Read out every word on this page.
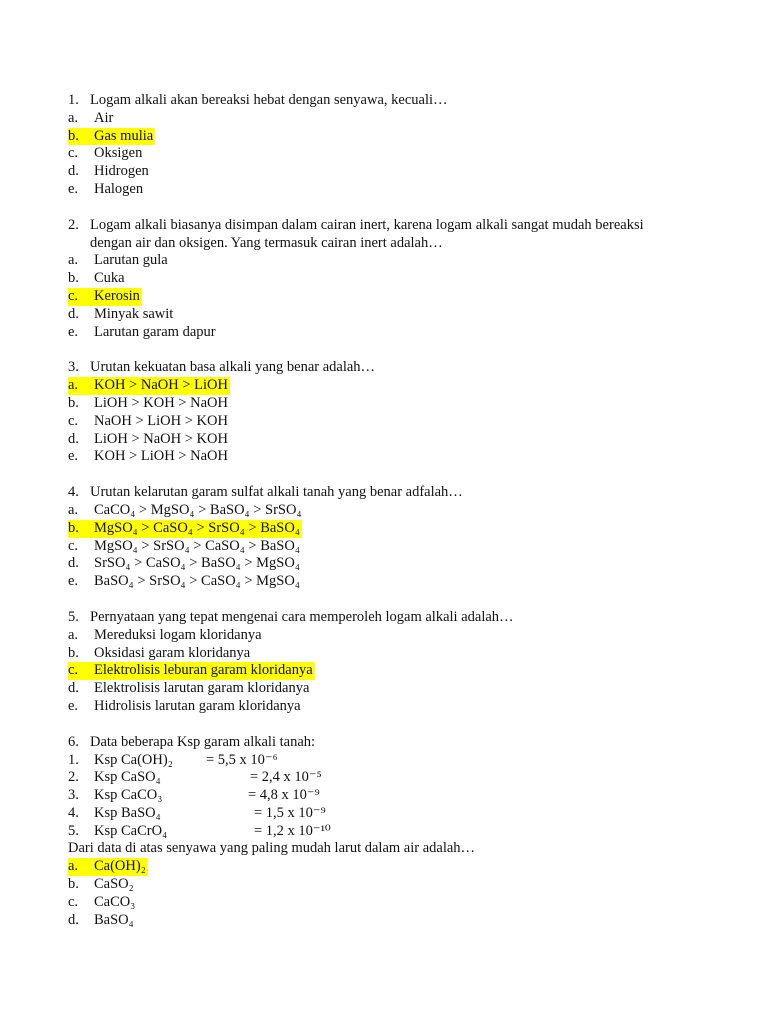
1. Logam alkali akan bereaksi hebat dengan senyawa, kecuali…
a.	Air
b.	Gas mulia
c.	Oksigen
d.	Hidrogen
e.	Halogen
2. Logam alkali biasanya disimpan dalam cairan inert, karena logam alkali sangat mudah bereaksi
dengan air dan oksigen. Yang termasuk cairan inert adalah…
a.	Larutan gula
b.	Cuka
c.	Kerosin
d.	Minyak sawit
e.	Larutan garam dapur
3. Urutan kekuatan basa alkali yang benar adalah…
a.	KOH > NaOH > LiOH
b.	LiOH > KOH > NaOH
c.	NaOH > LiOH > KOH
d.	LiOH > NaOH > KOH
e.	KOH > LiOH > NaOH
4. Urutan kelarutan garam sulfat alkali tanah yang benar adfalah…
a.	CaCO₄ > MgSO₄ > BaSO₄ > SrSO₄
b.	MgSO₄ > CaSO₄ > SrSO₄ > BaSO₄
c.	MgSO₄ > SrSO₄ > CaSO₄ > BaSO₄
d.	SrSO₄ > CaSO₄ > BaSO₄ > MgSO₄
e.	BaSO₄ > SrSO₄ > CaSO₄ > MgSO₄
5. Pernyataan yang tepat mengenai cara memperoleh logam alkali adalah…
a.	Mereduksi logam kloridanya
b.	Oksidasi garam kloridanya
c.	Elektrolisis leburan garam kloridanya
d.	Elektrolisis larutan garam kloridanya
e.	Hidrolisis larutan garam kloridanya
6. Data beberapa Ksp garam alkali tanah:
1.	Ksp Ca(OH)₂	= 5,5 x 10⁻⁶
2.	Ksp CaSO₄	= 2,4 x 10⁻⁵
3.	Ksp CaCO₃	= 4,8 x 10⁻⁹
4.	Ksp BaSO₄	= 1,5 x 10⁻⁹
5.	Ksp CaCrO₄	= 1,2 x 10⁻¹⁰
Dari data di atas senyawa yang paling mudah larut dalam air adalah…
a.	Ca(OH)₂
b.	CaSO₂
c.	CaCO₃
d.	BaSO₄
